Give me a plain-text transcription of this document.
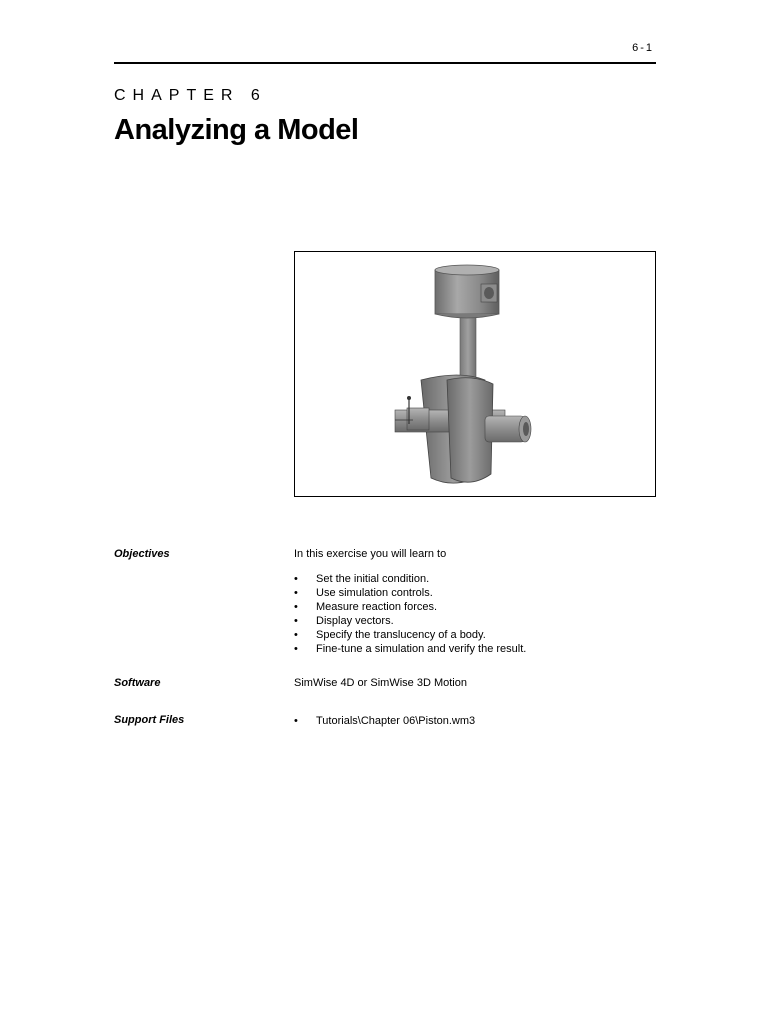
6-1
CHAPTER 6
Analyzing a Model
Objectives	In this exercise you will learn to

• Set the initial condition.
• Use simulation controls.
• Measure reaction forces.
• Display vectors.
• Specify the translucency of a body.
• Fine-tune a simulation and verify the result.
Software	SimWise 4D or SimWise 3D Motion
Support Files	• Tutorials\Chapter 06\Piston.wm3
